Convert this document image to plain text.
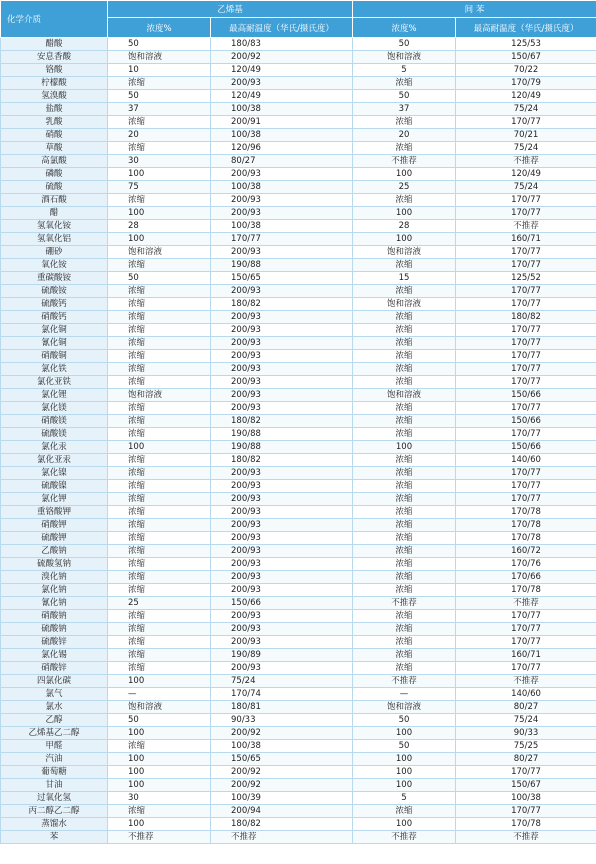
化学介质	乙烯基		间 苯	
	浓度%	最高耐温度（华氏/摄氏度）	浓度%	最高耐温度（华氏/摄氏度）
醋酸	50	180/83	50	125/53
安息香酸	饱和溶液	200/92	饱和溶液	150/67
铬酸	10	120/49	5	70/22
柠檬酸	浓缩	200/93	浓缩	170/79
氢溴酸	50	120/49	50	120/49
盐酸	37	100/38	37	75/24
乳酸	浓缩	200/91	浓缩	170/77
硝酸	20	100/38	20	70/21
草酸	浓缩	120/96	浓缩	75/24
高氯酸	30	80/27	不推荐	不推荐
磷酸	100	200/93	100	120/49
硫酸	75	100/38	25	75/24
酒石酸	浓缩	200/93	浓缩	170/77
醋	100	200/93	100	170/77
氢氧化铵	28	100/38	28	不推荐
氢氧化铝	100	170/77	100	160/71
硼砂	饱和溶液	200/93	饱和溶液	170/77
氧化铵	浓缩	190/88	浓缩	170/77
重碳酸铵	50	150/65	15	125/52
硫酸铵	浓缩	200/93	浓缩	170/77
硫酸钙	浓缩	180/82	饱和溶液	170/77
硝酸钙	浓缩	200/93	浓缩	180/82
氯化铜	浓缩	200/93	浓缩	170/77
氰化铜	浓缩	200/93	浓缩	170/77
硝酸铜	浓缩	200/93	浓缩	170/77
氯化铁	浓缩	200/93	浓缩	170/77
氯化亚铁	浓缩	200/93	浓缩	170/77
氯化锂	饱和溶液	200/93	饱和溶液	150/66
氯化镁	浓缩	200/93	浓缩	170/77
硝酸镁	浓缩	180/82	浓缩	150/66
硫酸镁	浓缩	190/88	浓缩	170/77
氯化汞	100	190/88	100	150/66
氯化亚汞	浓缩	180/82	浓缩	140/60
氯化镍	浓缩	200/93	浓缩	170/77
硫酸镍	浓缩	200/93	浓缩	170/77
氯化钾	浓缩	200/93	浓缩	170/77
重铬酸钾	浓缩	200/93	浓缩	170/78
硝酸钾	浓缩	200/93	浓缩	170/78
硫酸钾	浓缩	200/93	浓缩	170/78
乙酸钠	浓缩	200/93	浓缩	160/72
硫酸氢钠	浓缩	200/93	浓缩	170/76
溴化钠	浓缩	200/93	浓缩	170/66
氯化钠	浓缩	200/93	浓缩	170/78
氰化钠	25	150/66	不推荐	不推荐
硝酸钠	浓缩	200/93	浓缩	170/77
硫酸钠	浓缩	200/93	浓缩	170/77
硫酸锌	浓缩	200/93	浓缩	170/77
氯化锡	浓缩	190/89	浓缩	160/71
硝酸锌	浓缩	200/93	浓缩	170/77
四氯化碳	100	75/24	不推荐	不推荐
氯气	—	170/74	—	140/60
氯水	饱和溶液	180/81	饱和溶液	80/27
乙醇	50	90/33	50	75/24
乙烯基乙二醇	100	200/92	100	90/33
甲醛	浓缩	100/38	50	75/25
汽油	100	150/65	100	80/27
葡萄糖	100	200/92	100	170/77
甘油	100	200/92	100	150/67
过氧化氢	30	100/39	5	100/38
丙二醇乙二醇	浓缩	200/94	浓缩	170/77
蒸馏水	100	180/82	100	170/78
苯	不推荐	不推荐	不推荐	不推荐
